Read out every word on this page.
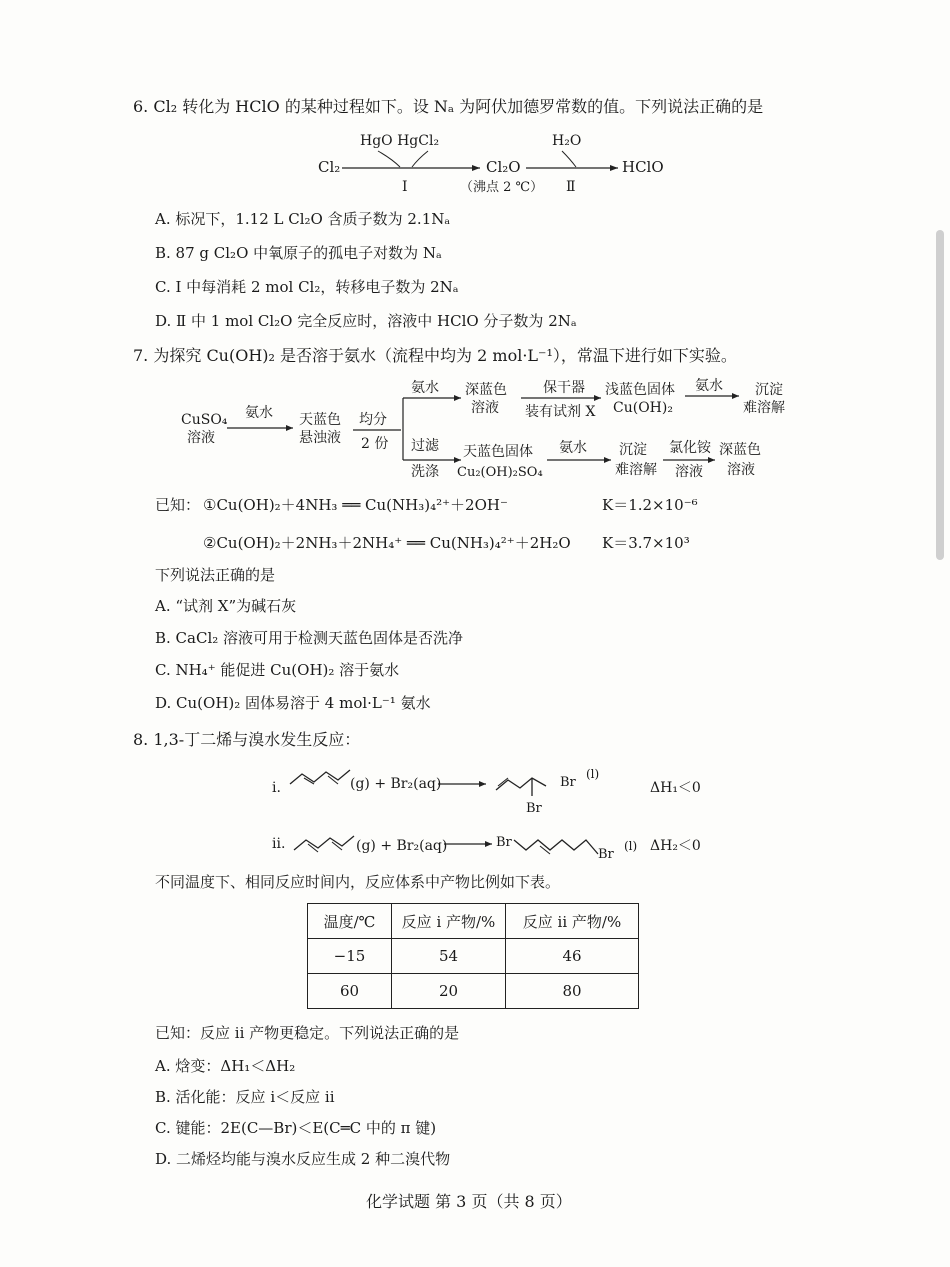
6. Cl₂ 转化为 HClO 的某种过程如下。设 Nₐ 为阿伏加德罗常数的值。下列说法正确的是
Cl₂
HgO HgCl₂
Ⅰ
Cl₂O
（沸点 2 ℃）
H₂O
Ⅱ
HClO
A. 标况下，1.12 L Cl₂O 含质子数为 2.1Nₐ
B. 87 g Cl₂O 中氧原子的孤电子对数为 Nₐ
C. Ⅰ 中每消耗 2 mol Cl₂，转移电子数为 2Nₐ
D. Ⅱ 中 1 mol Cl₂O 完全反应时，溶液中 HClO 分子数为 2Nₐ
7. 为探究 Cu(OH)₂ 是否溶于氨水（流程中均为 2 mol·L⁻¹），常温下进行如下实验。
CuSO₄
溶液
氨水 天蓝色
悬浊液
均分
2 份
氨水 深蓝色
溶液
保干器
装有试剂 X
浅蓝色固体
Cu(OH)₂
氨水 沉淀
难溶解
过滤
洗涤
天蓝色固体
Cu₂(OH)₂SO₄
氨水 沉淀
难溶解
氯化铵
溶液
深蓝色
溶液
已知： ①Cu(OH)₂＋4NH₃ ══ Cu(NH₃)₄²⁺＋2OH⁻	K＝1.2×10⁻⁶
②Cu(OH)₂＋2NH₃＋2NH₄⁺ ══ Cu(NH₃)₄²⁺＋2H₂O K＝3.7×10³
下列说法正确的是
A. “试剂 X”为碱石灰
B. CaCl₂ 溶液可用于检测天蓝色固体是否洗净
C. NH₄⁺ 能促进 Cu(OH)₂ 溶于氨水
D. Cu(OH)₂ 固体易溶于 4 mol·L⁻¹ 氨水
8. 1,3-丁二烯与溴水发生反应：
i.	(g) + Br₂(aq)
Br
Br
(l)
ΔH₁＜0
ii.	(g) + Br₂(aq)	Br
Br
(l) ΔH₂＜0
不同温度下、相同反应时间内，反应体系中产物比例如下表。
温度/℃	反应 i 产物/%	反应 ii 产物/%
−15	54	46
60	20	80
已知：反应 ii 产物更稳定。下列说法正确的是
A. 焓变：ΔH₁＜ΔH₂
B. 活化能：反应 i＜反应 ii
C. 键能：2E(C—Br)＜E(C═C 中的 π 键)
D. 二烯烃均能与溴水反应生成 2 种二溴代物
化学试题 第 3 页（共 8 页）
